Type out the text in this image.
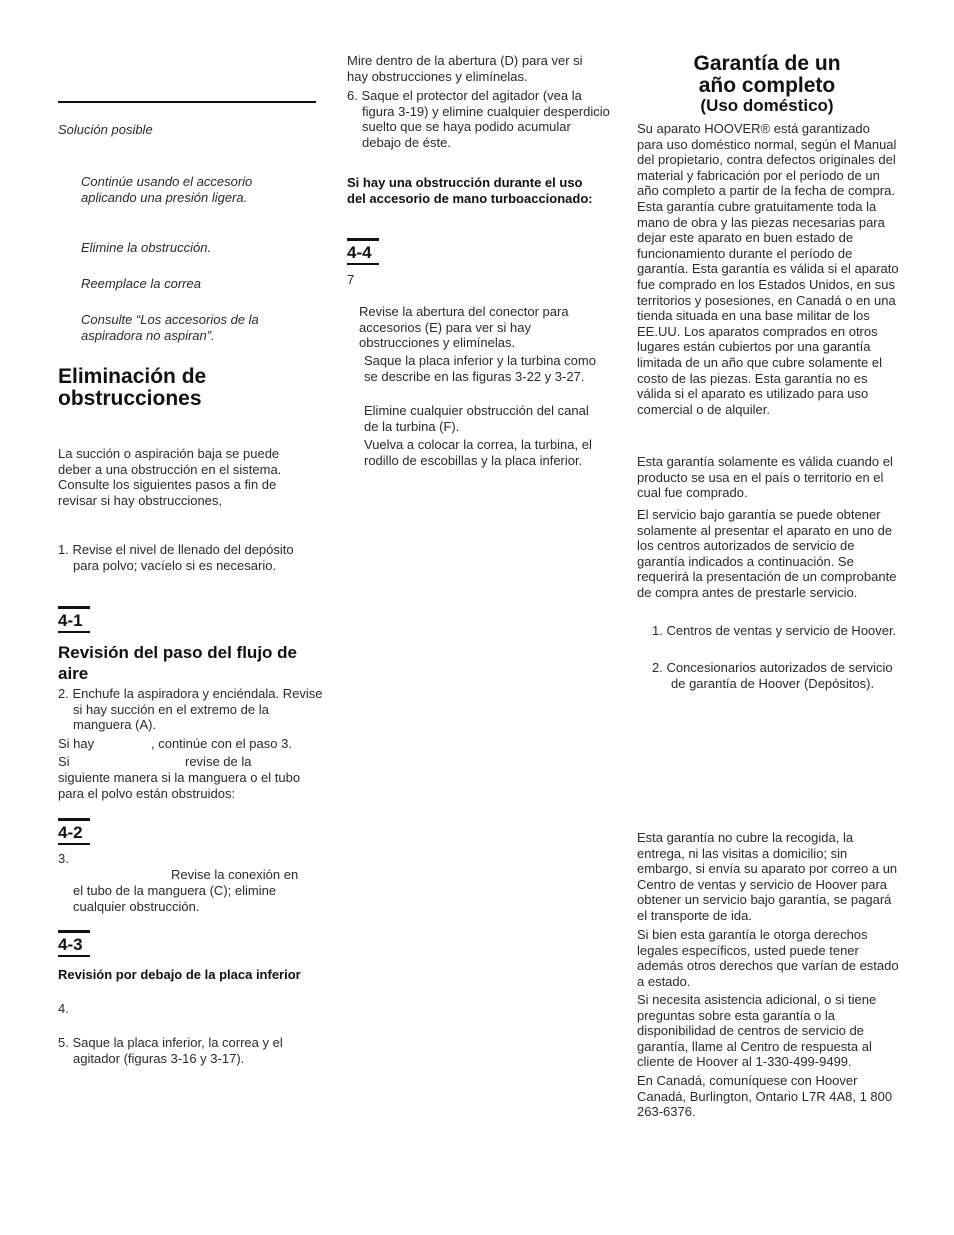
Solución posible

Continúe usando el accesorio aplicando una presión ligera.

Elimine la obstrucción.

Reemplace la correa

Consulte “Los accesorios de la aspiradora no aspiran”.

Eliminación de obstrucciones

La succión o aspiración baja se puede deber a una obstrucción en el sistema. Consulte los siguientes pasos a fin de revisar si hay obstrucciones,

1. Revise el nivel de llenado del depósito para polvo; vacíelo si es necesario.

4-1
Revisión del paso del flujo de aire

2. Enchufe la aspiradora y enciéndala. Revise si hay succión en el extremo de la manguera (A).

Si hay	, continúe con el paso 3.

Si	revise de la

siguiente manera si la manguera o el tubo para el polvo están obstruidos:

4-2

3.

Revise la conexión en

el tubo de la manguera (C); elimine cualquier obstrucción.

4-3
Revisión por debajo de la placa inferior

4.

5. Saque la placa inferior, la correa y el agitador (figuras 3-16 y 3-17).

Mire dentro de la abertura (D) para ver si hay obstrucciones y elimínelas.

6. Saque el protector del agitador (vea la figura 3-19) y elimine cualquier desperdicio suelto que se haya podido acumular debajo de éste.

Si hay una obstrucción durante el uso del accesorio de mano turboaccionado:
4-4

7

Revise la abertura del conector para accesorios (E) para ver si hay obstrucciones y elimínelas.

Saque la placa inferior y la turbina como se describe en las figuras 3-22 y 3-27.

Elimine cualquier obstrucción del canal de la turbina (F).

Vuelva a colocar la correa, la turbina, el rodillo de escobillas y la placa inferior.

Garantía de un
año completo
(Uso doméstico)

Su aparato HOOVER® está garantizado para uso doméstico normal, según el Manual del propietario, contra defectos originales del material y fabricación por el período de un año completo a partir de la fecha de compra. Esta garantía cubre gratuitamente toda la mano de obra y las piezas necesarias para dejar este aparato en buen estado de funcionamiento durante el período de garantía. Esta garantía es válida si el aparato fue comprado en los Estados Unidos, en sus territorios y posesiones, en Canadá o en una tienda situada en una base militar de los EE.UU. Los aparatos comprados en otros lugares están cubiertos por una garantía limitada de un año que cubre solamente el costo de las piezas. Esta garantía no es válida si el aparato es utilizado para uso comercial o de alquiler.

Esta garantía solamente es válida cuando el producto se usa en el país o territorio en el cual fue comprado.

El servicio bajo garantía se puede obtener solamente al presentar el aparato en uno de los centros autorizados de servicio de garantía indicados a continuación. Se requerirá la presentación de un comprobante de compra antes de prestarle servicio.

1. Centros de ventas y servicio de Hoover.

2. Concesionarios autorizados de servicio de garantía de Hoover (Depósitos).

Esta garantía no cubre la recogida, la entrega, ni las visitas a domicilio; sin embargo, si envía su aparato por correo a un Centro de ventas y servicio de Hoover para obtener un servicio bajo garantía, se pagará el transporte de ida.

Si bien esta garantía le otorga derechos legales específicos, usted puede tener además otros derechos que varían de estado a estado.

Si necesita asistencia adicional, o si tiene preguntas sobre esta garantía o la disponibilidad de centros de servicio de garantía, llame al Centro de respuesta al cliente de Hoover al 1-330-499-9499.

En Canadá, comuníquese con Hoover Canadá, Burlington, Ontario L7R 4A8, 1 800 263-6376.
